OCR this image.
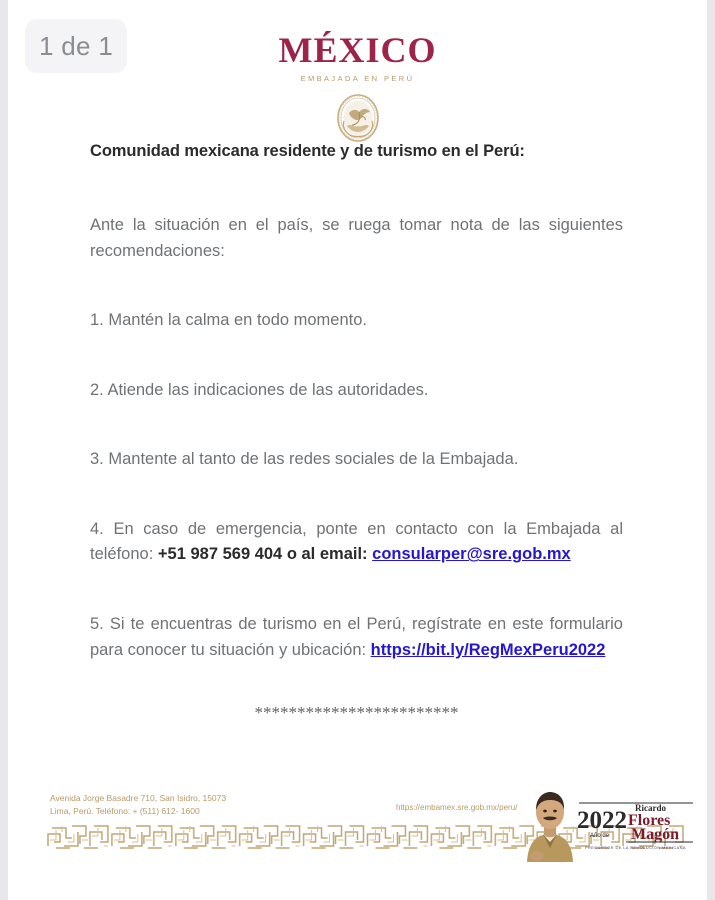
MÉXICO
EMBAJADA EN PERÚ
Comunidad mexicana residente y de turismo en el Perú:

Ante la situación en el país, se ruega tomar nota de las siguientes recomendaciones:

1. Mantén la calma en todo momento.

2. Atiende las indicaciones de las autoridades.

3. Mantente al tanto de las redes sociales de la Embajada.

4. En caso de emergencia, ponte en contacto con la Embajada al teléfono: +51 987 569 404 o al email: consularper@sre.gob.mx

5. Si te encuentras de turismo en el Perú, regístrate en este formulario para conocer tu situación y ubicación: https://bit.ly/RegMexPeru2022

************************

Avenida Jorge Basadre 710, San Isidro, 15073
Lima, Perú. Teléfono: + (511) 612- 1600	https://embamex.sre.gob.mx/peru/ 2022
Año de
Ricardo
Flores
Magón
PRECURSOR DE LA REVOLUCIÓN MEXICANA
1 de 1
